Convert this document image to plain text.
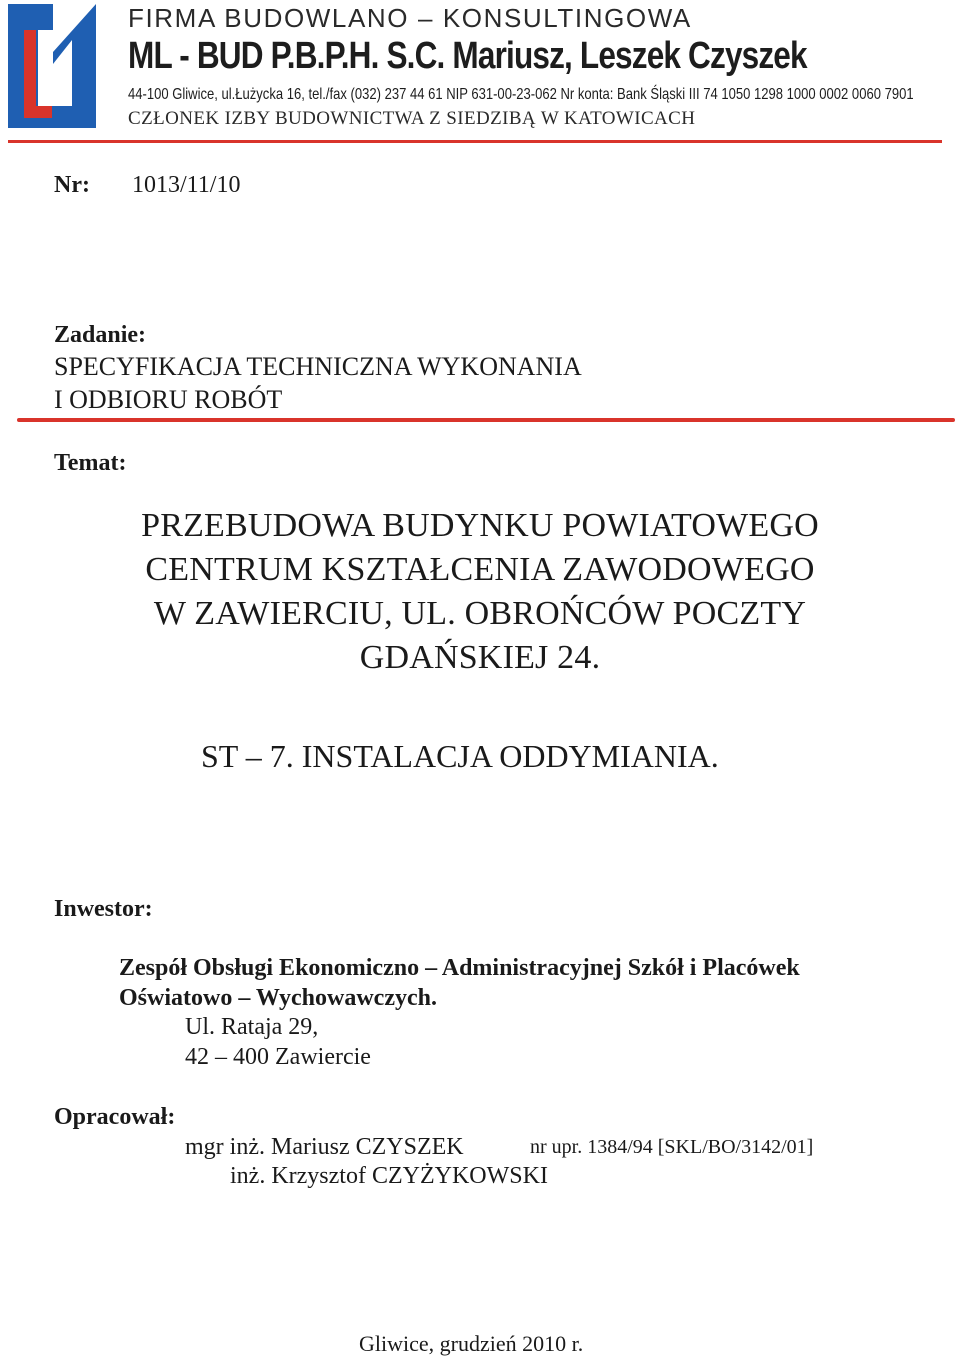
FIRMA BUDOWLANO – KONSULTINGOWA
ML - BUD P.B.P.H. S.C. Mariusz, Leszek Czyszek
44-100 Gliwice, ul.Łużycka 16, tel./fax (032) 237 44 61 NIP 631-00-23-062 Nr konta: Bank Śląski III 74 1050 1298 1000 0002 0060 7901
CZŁONEK IZBY BUDOWNICTWA Z SIEDZIBĄ W KATOWICACH
Nr: 1013/11/10
Zadanie:
SPECYFIKACJA TECHNICZNA WYKONANIA
I ODBIORU ROBÓT
Temat:
PRZEBUDOWA BUDYNKU POWIATOWEGO
CENTRUM KSZTAŁCENIA ZAWODOWEGO
W ZAWIERCIU, UL. OBROŃCÓW POCZTY
GDAŃSKIEJ 24.
ST – 7. INSTALACJA ODDYMIANIA.
Inwestor:
Zespół Obsługi Ekonomiczno – Administracyjnej Szkół i Placówek
Oświatowo – Wychowawczych.
Ul. Rataja 29,
42 – 400 Zawiercie
Opracował:
mgr inż. Mariusz CZYSZEK	nr upr. 1384/94 [SKL/BO/3142/01]
inż. Krzysztof CZYŻYKOWSKI
Gliwice, grudzień 2010 r.
